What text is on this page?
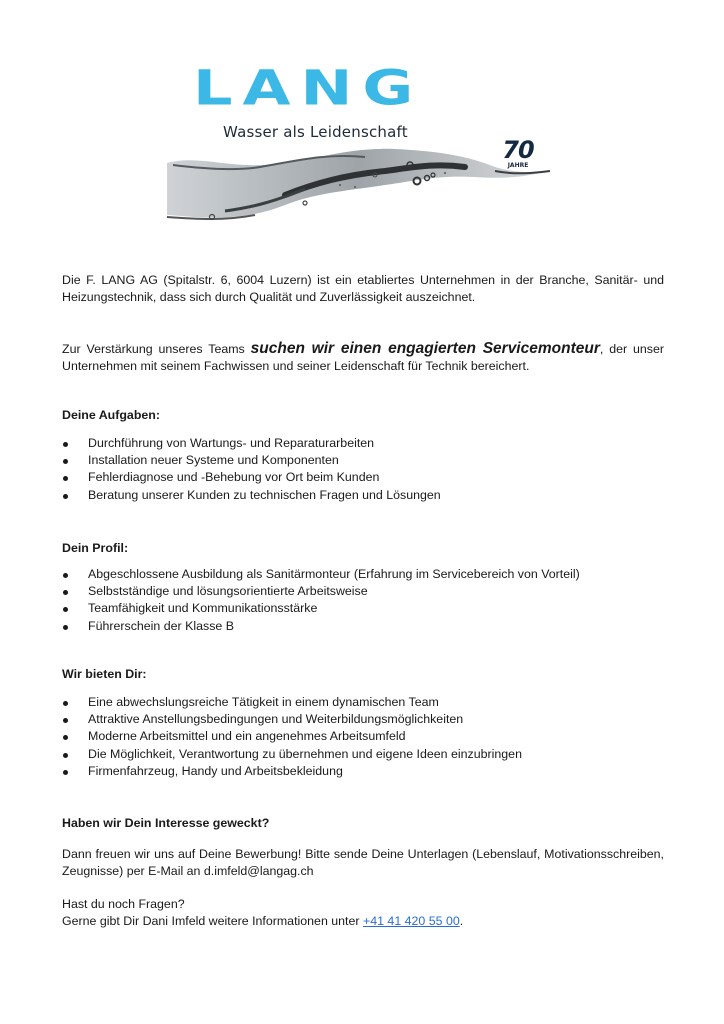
LANG
Wasser als Leidenschaft
70
JAHRE
Die F. LANG AG (Spitalstr. 6, 6004 Luzern) ist ein etabliertes Unternehmen in der Branche, Sanitär- und Heizungstechnik, dass sich durch Qualität und Zuverlässigkeit auszeichnet.
Zur Verstärkung unseres Teams suchen wir einen engagierten Servicemonteur, der unser Unternehmen mit seinem Fachwissen und seiner Leidenschaft für Technik bereichert.
Deine Aufgaben:
Durchführung von Wartungs- und Reparaturarbeiten
Installation neuer Systeme und Komponenten
Fehlerdiagnose und -Behebung vor Ort beim Kunden
Beratung unserer Kunden zu technischen Fragen und Lösungen
Dein Profil:
Abgeschlossene Ausbildung als Sanitärmonteur (Erfahrung im Servicebereich von Vorteil)
Selbstständige und lösungsorientierte Arbeitsweise
Teamfähigkeit und Kommunikationsstärke
Führerschein der Klasse B
Wir bieten Dir:
Eine abwechslungsreiche Tätigkeit in einem dynamischen Team
Attraktive Anstellungsbedingungen und Weiterbildungsmöglichkeiten
Moderne Arbeitsmittel und ein angenehmes Arbeitsumfeld
Die Möglichkeit, Verantwortung zu übernehmen und eigene Ideen einzubringen
Firmenfahrzeug, Handy und Arbeitsbekleidung
Haben wir Dein Interesse geweckt?
Dann freuen wir uns auf Deine Bewerbung! Bitte sende Deine Unterlagen (Lebenslauf, Motivationsschreiben, Zeugnisse) per E-Mail an d.imfeld@langag.ch
Hast du noch Fragen?
Gerne gibt Dir Dani Imfeld weitere Informationen unter +41 41 420 55 00.
